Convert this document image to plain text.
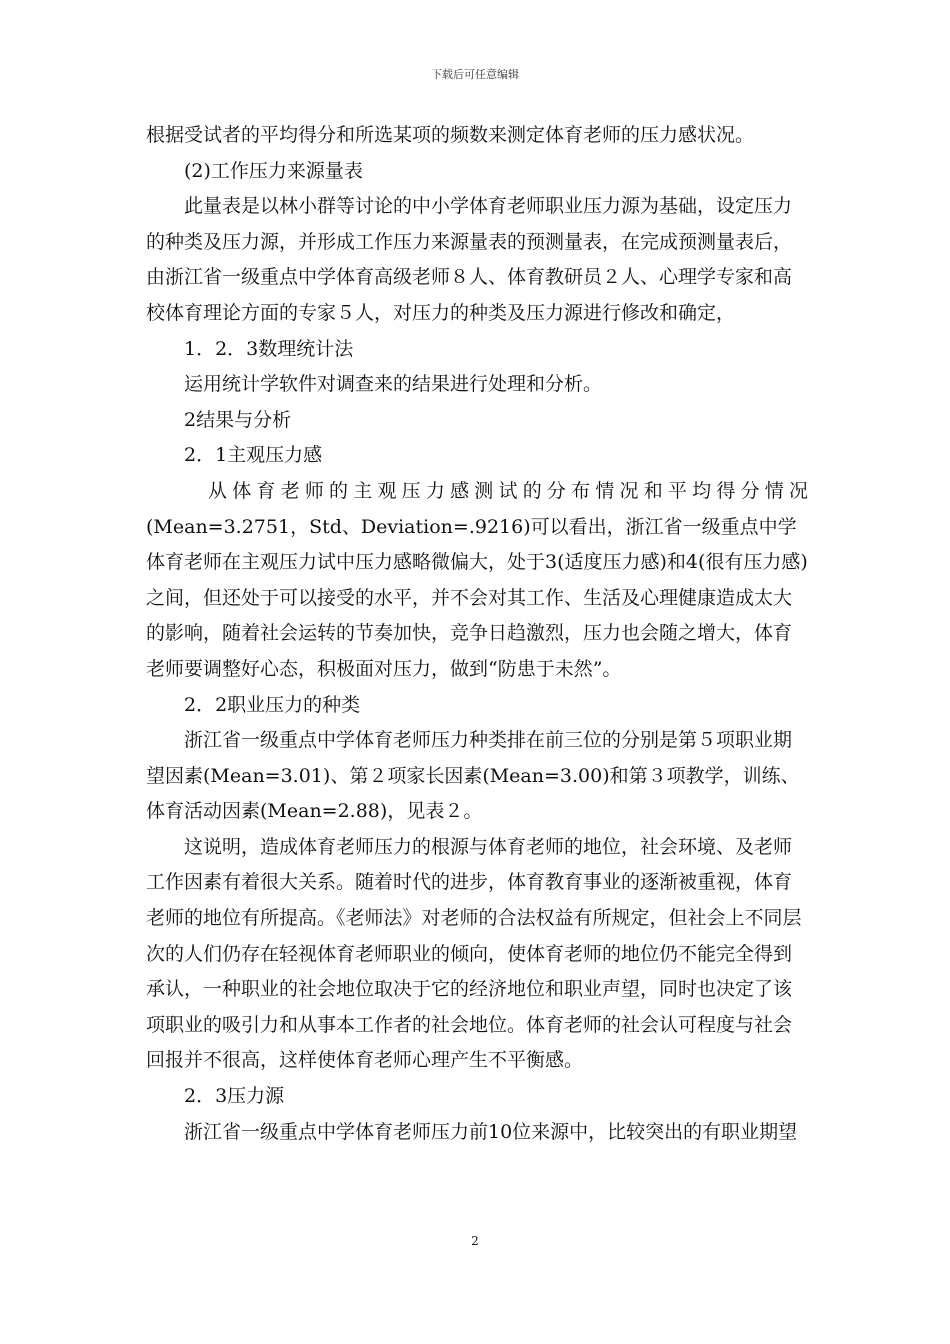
下载后可任意编辑

根据受试者的平均得分和所选某项的频数来测定体育老师的压力感状况。

(2)工作压力来源量表

此量表是以林小群等讨论的中小学体育老师职业压力源为基础，设定压力的种类及压力源，并形成工作压力来源量表的预测量表，在完成预测量表后，由浙江省一级重点中学体育高级老师８人、体育教研员２人、心理学专家和高校体育理论方面的专家５人，对压力的种类及压力源进行修改和确定，

1．2．3数理统计法

运用统计学软件对调查来的结果进行处理和分析。

2结果与分析

2．1主观压力感

从体育老师的主观压力感测试的分布情况和平均得分情况

(Mean=3.2751，Std、Deviation=.9216)可以看出，浙江省一级重点中学体育老师在主观压力试中压力感略微偏大，处于3(适度压力感)和4(很有压力感)之间，但还处于可以接受的水平，并不会对其工作、生活及心理健康造成太大的影响，随着社会运转的节奏加快，竞争日趋激烈，压力也会随之增大，体育老师要调整好心态，积极面对压力，做到“防患于未然”。

2．2职业压力的种类

浙江省一级重点中学体育老师压力种类排在前三位的分别是第５项职业期望因素(Mean=3.01)、第２项家长因素(Mean=3.00)和第３项教学，训练、体育活动因素(Mean=2.88)，见表２。

这说明，造成体育老师压力的根源与体育老师的地位，社会环境、及老师工作因素有着很大关系。随着时代的进步，体育教育事业的逐渐被重视，体育老师的地位有所提高。《老师法》对老师的合法权益有所规定，但社会上不同层次的人们仍存在轻视体育老师职业的倾向，使体育老师的地位仍不能完全得到承认，一种职业的社会地位取决于它的经济地位和职业声望，同时也决定了该项职业的吸引力和从事本工作者的社会地位。体育老师的社会认可程度与社会回报并不很高，这样使体育老师心理产生不平衡感。

2．3压力源

浙江省一级重点中学体育老师压力前10位来源中，比较突出的有职业期望

2
